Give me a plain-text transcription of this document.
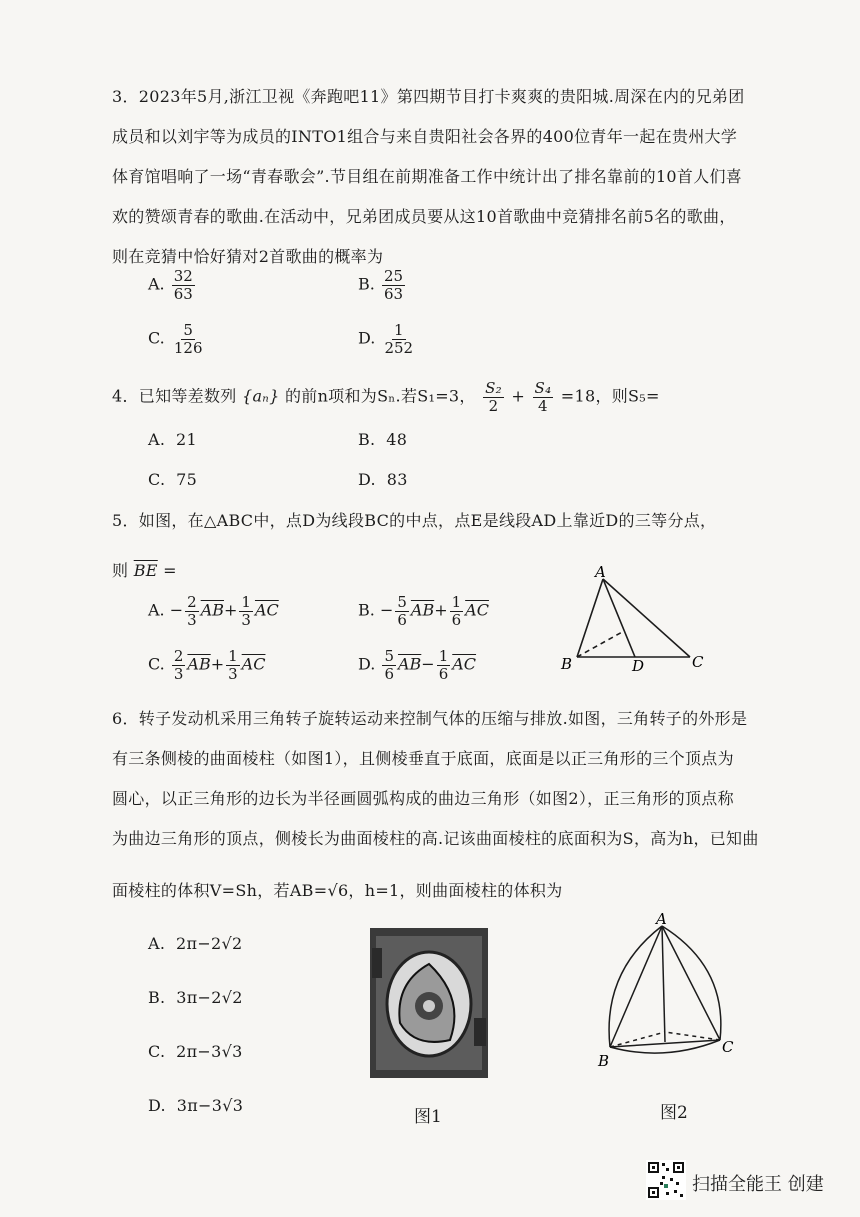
3．2023年5月,浙江卫视《奔跑吧11》第四期节目打卡爽爽的贵阳城.周深在内的兄弟团
成员和以刘宇等为成员的INTO1组合与来自贵阳社会各界的400位青年一起在贵州大学
体育馆唱响了一场“青春歌会”.节目组在前期准备工作中统计出了排名靠前的10首人们喜
欢的赞颂青春的歌曲.在活动中，兄弟团成员要从这10首歌曲中竞猜排名前5名的歌曲，
则在竞猜中恰好猜对2首歌曲的概率为
A. $\frac{32}{63}$	B. $\frac{25}{63}$
C. $\frac{5}{126}$	D. $\frac{1}{252}$
4．已知等差数列 {aₙ} 的前n项和为Sₙ.若S₁=3， $\frac{\text{S₂}}{2} + \frac{\text{S₄}}{4} =18$，则S₅=
A. 21	B. 48
C. 75	D. 83
5．如图，在△ABC中，点D为线段BC的中点，点E是线段AD上靠近D的三等分点，
则 $\overline{BE}$ =
A. − $\frac{2}{3} \overline{AB}+ \frac{1}{3} \overline{AC}$	B. − $\frac{5}{6} \overline{AB}+ \frac{1}{6} \overline{AC}$
C. $\frac{2}{3} \overline{AB}+ \frac{1}{3} \overline{AC}$	D. $\frac{5}{6} \overline{AB}- \frac{1}{6} \overline{AC}$
A
B	D	C
6．转子发动机采用三角转子旋转运动来控制气体的压缩与排放.如图，三角转子的外形是
有三条侧棱的曲面棱柱（如图1），且侧棱垂直于底面，底面是以正三角形的三个顶点为
圆心，以正三角形的边长为半径画圆弧构成的曲边三角形（如图2），正三角形的顶点称
为曲边三角形的顶点，侧棱长为曲面棱柱的高.记该曲面棱柱的底面积为S，高为h，已知曲
面棱柱的体积V=Sh，若AB=√6，h=1，则曲面棱柱的体积为
A. 2π−2√2
B. 3π−2√2
C. 2π−3√3
D. 3π−3√3
图1
A
B
C
图2
扫描全能王 创建
